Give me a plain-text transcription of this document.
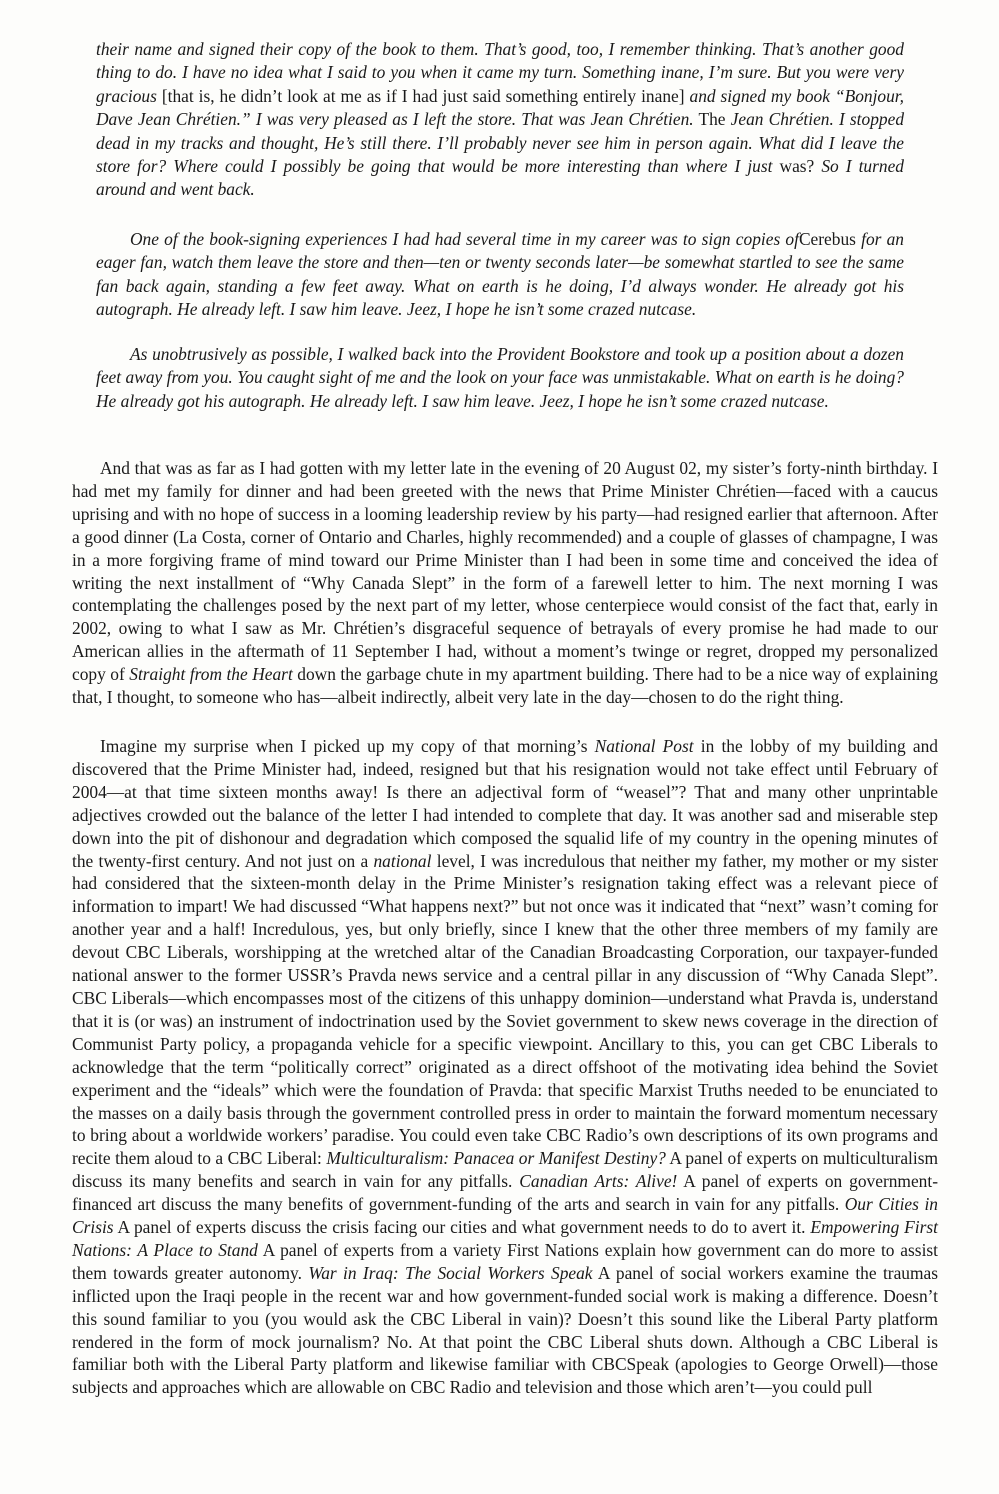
their name and signed their copy of the book to them. That’s good, too, I remember thinking. That’s another good thing to do. I have no idea what I said to you when it came my turn. Something inane, I’m sure. But you were very gracious [that is, he didn’t look at me as if I had just said something entirely inane] and signed my book “Bonjour, Dave Jean Chrétien.” I was very pleased as I left the store. That was Jean Chrétien. The Jean Chrétien. I stopped dead in my tracks and thought, He’s still there. I’ll probably never see him in person again. What did I leave the store for? Where could I possibly be going that would be more interesting than where I just was? So I turned around and went back.

One of the book-signing experiences I had had several time in my career was to sign copies ofCerebus for an eager fan, watch them leave the store and then—ten or twenty seconds later—be somewhat startled to see the same fan back again, standing a few feet away. What on earth is he doing, I’d always wonder. He already got his autograph. He already left. I saw him leave. Jeez, I hope he isn’t some crazed nutcase.

As unobtrusively as possible, I walked back into the Provident Bookstore and took up a position about a dozen feet away from you. You caught sight of me and the look on your face was unmistakable. What on earth is he doing? He already got his autograph. He already left. I saw him leave. Jeez, I hope he isn’t some crazed nutcase.

And that was as far as I had gotten with my letter late in the evening of 20 August 02, my sister’s forty-ninth birthday. I had met my family for dinner and had been greeted with the news that Prime Minister Chrétien—faced with a caucus uprising and with no hope of success in a looming leadership review by his party—had resigned earlier that afternoon. After a good dinner (La Costa, corner of Ontario and Charles, highly recommended) and a couple of glasses of champagne, I was in a more forgiving frame of mind toward our Prime Minister than I had been in some time and conceived the idea of writing the next installment of “Why Canada Slept” in the form of a farewell letter to him. The next morning I was contemplating the challenges posed by the next part of my letter, whose centerpiece would consist of the fact that, early in 2002, owing to what I saw as Mr. Chrétien’s disgraceful sequence of betrayals of every promise he had made to our American allies in the aftermath of 11 September I had, without a moment’s twinge or regret, dropped my personalized copy of Straight from the Heart down the garbage chute in my apartment building. There had to be a nice way of explaining that, I thought, to someone who has—albeit indirectly, albeit very late in the day—chosen to do the right thing.

Imagine my surprise when I picked up my copy of that morning’s National Post in the lobby of my building and discovered that the Prime Minister had, indeed, resigned but that his resignation would not take effect until February of 2004—at that time sixteen months away! Is there an adjectival form of “weasel”? That and many other unprintable adjectives crowded out the balance of the letter I had intended to complete that day. It was another sad and miserable step down into the pit of dishonour and degradation which composed the squalid life of my country in the opening minutes of the twenty-first century. And not just on a national level, I was incredulous that neither my father, my mother or my sister had considered that the sixteen-month delay in the Prime Minister’s resignation taking effect was a relevant piece of information to impart! We had discussed “What happens next?” but not once was it indicated that “next” wasn’t coming for another year and a half! Incredulous, yes, but only briefly, since I knew that the other three members of my family are devout CBC Liberals, worshipping at the wretched altar of the Canadian Broadcasting Corporation, our taxpayer-funded national answer to the former USSR’s Pravda news service and a central pillar in any discussion of “Why Canada Slept”. CBC Liberals—which encompasses most of the citizens of this unhappy dominion—understand what Pravda is, understand that it is (or was) an instrument of indoctrination used by the Soviet government to skew news coverage in the direction of Communist Party policy, a propaganda vehicle for a specific viewpoint. Ancillary to this, you can get CBC Liberals to acknowledge that the term “politically correct” originated as a direct offshoot of the motivating idea behind the Soviet experiment and the “ideals” which were the foundation of Pravda: that specific Marxist Truths needed to be enunciated to the masses on a daily basis through the government controlled press in order to maintain the forward momentum necessary to bring about a worldwide workers’ paradise. You could even take CBC Radio’s own descriptions of its own programs and recite them aloud to a CBC Liberal: Multiculturalism: Panacea or Manifest Destiny? A panel of experts on multiculturalism discuss its many benefits and search in vain for any pitfalls. Canadian Arts: Alive! A panel of experts on government-financed art discuss the many benefits of government-funding of the arts and search in vain for any pitfalls. Our Cities in Crisis A panel of experts discuss the crisis facing our cities and what government needs to do to avert it. Empowering First Nations: A Place to Stand A panel of experts from a variety First Nations explain how government can do more to assist them towards greater autonomy. War in Iraq: The Social Workers Speak A panel of social workers examine the traumas inflicted upon the Iraqi people in the recent war and how government-funded social work is making a difference. Doesn’t this sound familiar to you (you would ask the CBC Liberal in vain)? Doesn’t this sound like the Liberal Party platform rendered in the form of mock journalism? No. At that point the CBC Liberal shuts down. Although a CBC Liberal is familiar both with the Liberal Party platform and likewise familiar with CBCSpeak (apologies to George Orwell)—those subjects and approaches which are allowable on CBC Radio and television and those which aren’t—you could pull
